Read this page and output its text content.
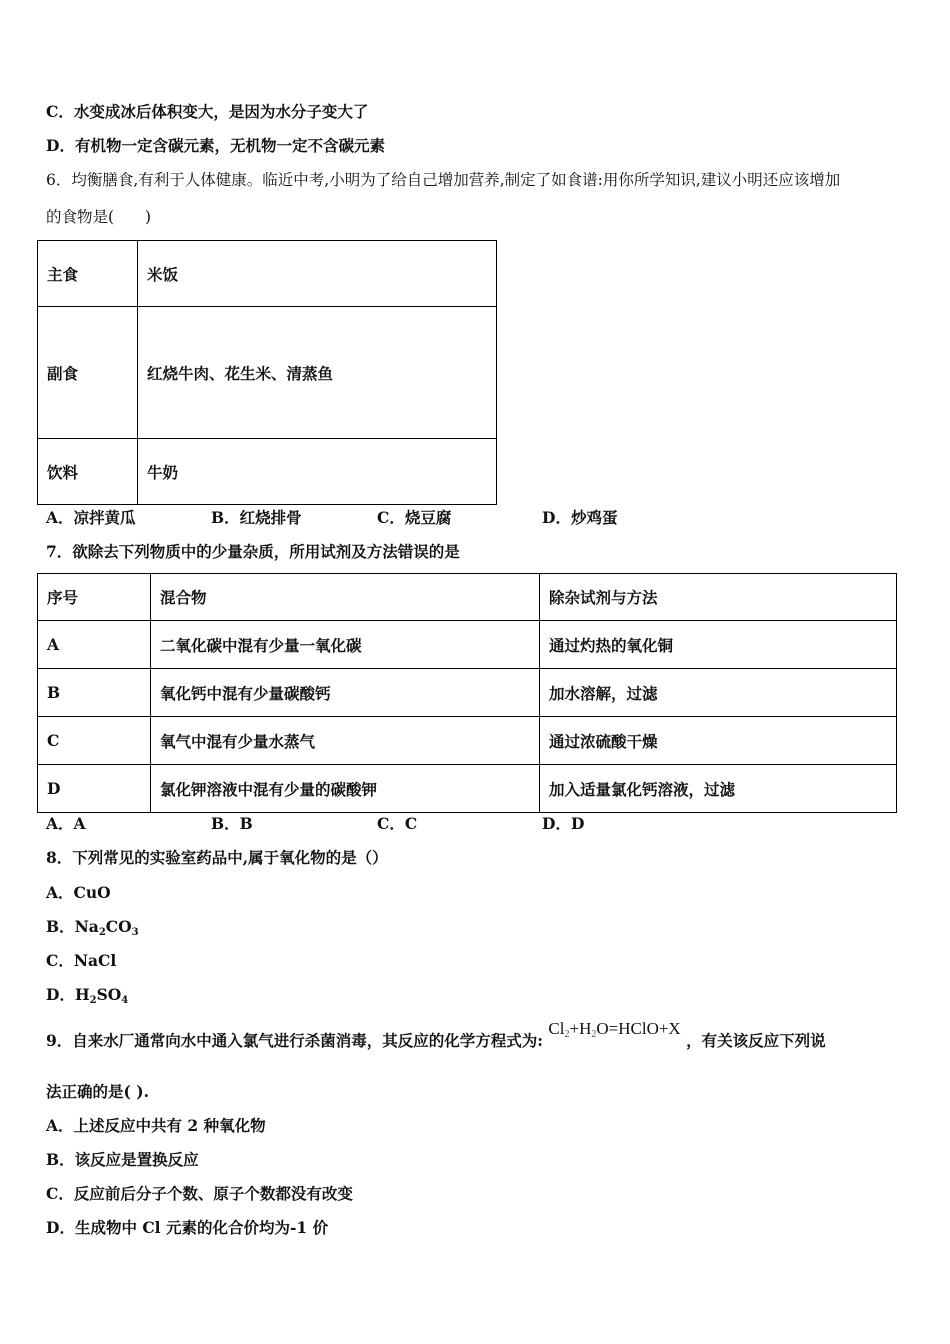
C．水变成冰后体积变大，是因为水分子变大了
D．有机物一定含碳元素，无机物一定不含碳元素
6．均衡膳食,有利于人体健康。临近中考,小明为了给自己增加营养,制定了如食谱:用你所学知识,建议小明还应该增加
的食物是(　　)
主食	米饭
副食	红烧牛肉、花生米、清蒸鱼
饮料	牛奶
A．凉拌黄瓜	B．红烧排骨	C．烧豆腐	D．炒鸡蛋
7．欲除去下列物质中的少量杂质，所用试剂及方法错误的是
序号	混合物	除杂试剂与方法
A	二氧化碳中混有少量一氧化碳	通过灼热的氧化铜
B	氧化钙中混有少量碳酸钙	加水溶解，过滤
C	氧气中混有少量水蒸气	通过浓硫酸干燥
D	氯化钾溶液中混有少量的碳酸钾	加入适量氯化钙溶液，过滤
A．A	B．B	C．C	D．D
8．下列常见的实验室药品中,属于氧化物的是（）
A．CuO
B．$Na_2CO_3$
C．NaCl
D．$H_2SO_4$
9．自来水厂通常向水中通入氯气进行杀菌消毒，其反应的化学方程式为: $Cl_2+H_2O=HClO+X$ ，有关该反应下列说
法正确的是( ).
A．上述反应中共有 2 种氧化物
B．该反应是置换反应
C．反应前后分子个数、原子个数都没有改变
D．生成物中 Cl 元素的化合价均为-1 价
